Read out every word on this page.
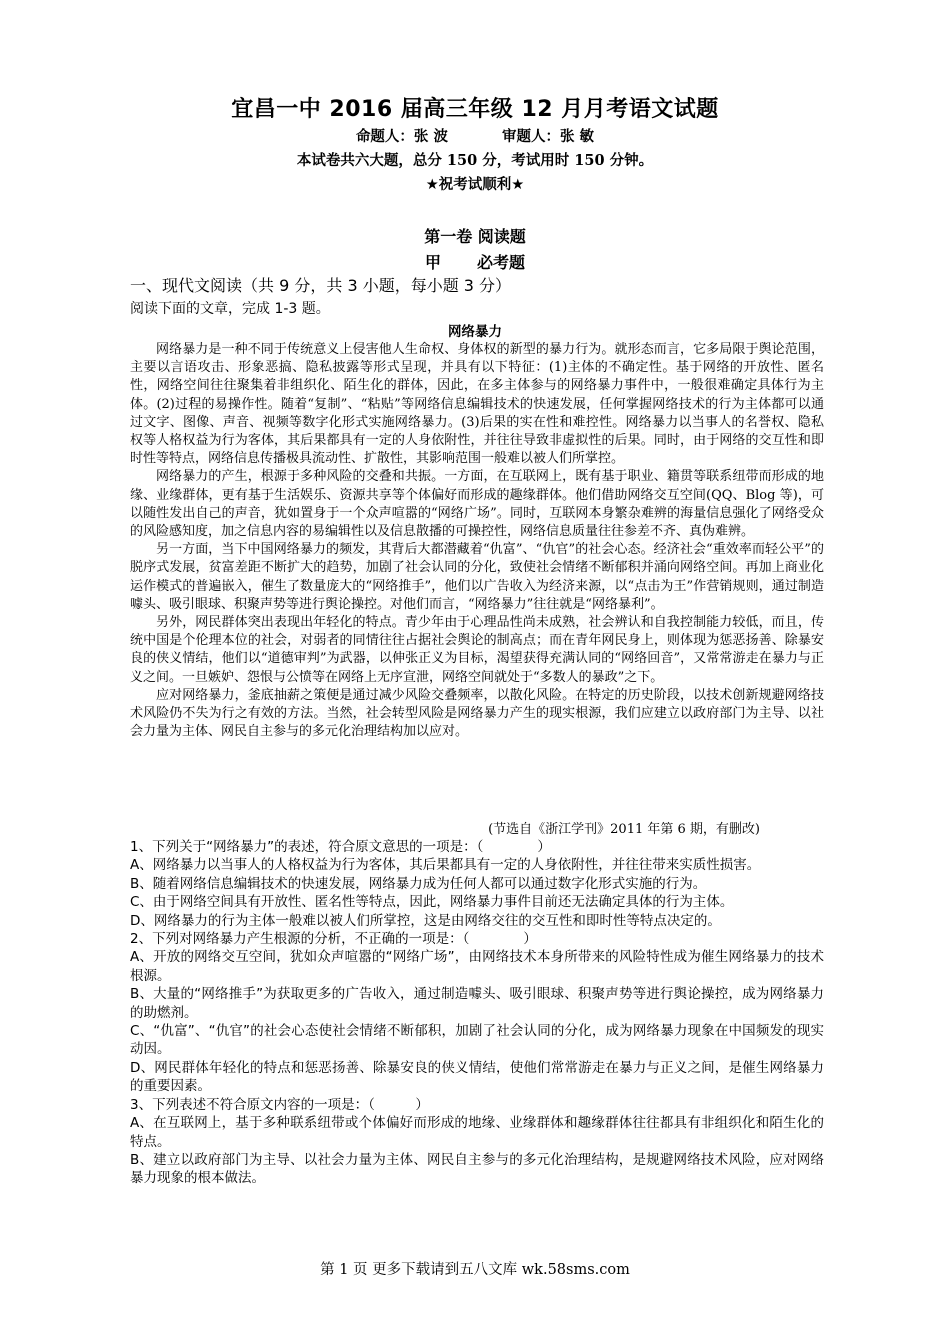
宜昌一中 2016 届高三年级 12 月月考语文试题
命题人：张 波	审题人：张 敏
本试卷共六大题，总分 150 分，考试用时 150 分钟。
★祝考试顺利★
第一卷 阅读题
甲 必考题
一、现代文阅读（共 9 分，共 3 小题，每小题 3 分）
阅读下面的文章，完成 1-3 题。
网络暴力

网络暴力是一种不同于传统意义上侵害他人生命权、身体权的新型的暴力行为。就形态而言，它多局限于舆论范围，主要以言语攻击、形象恶搞、隐私披露等形式呈现，并具有以下特征：(1)主体的不确定性。基于网络的开放性、匿名性，网络空间往往聚集着非组织化、陌生化的群体，因此，在多主体参与的网络暴力事件中，一般很难确定具体行为主体。(2)过程的易操作性。随着“复制”、“粘贴”等网络信息编辑技术的快速发展，任何掌握网络技术的行为主体都可以通过文字、图像、声音、视频等数字化形式实施网络暴力。(3)后果的实在性和难控性。网络暴力以当事人的名誉权、隐私权等人格权益为行为客体，其后果都具有一定的人身依附性，并往往导致非虚拟性的后果。同时，由于网络的交互性和即时性等特点，网络信息传播极具流动性、扩散性，其影响范围一般难以被人们所掌控。

网络暴力的产生，根源于多种风险的交叠和共振。一方面，在互联网上，既有基于职业、籍贯等联系纽带而形成的地缘、业缘群体，更有基于生活娱乐、资源共享等个体偏好而形成的趣缘群体。他们借助网络交互空间(QQ、Blog 等)，可以随性发出自己的声音，犹如置身于一个众声喧嚣的“网络广场”。同时，互联网本身繁杂难辨的海量信息强化了网络受众的风险感知度，加之信息内容的易编辑性以及信息散播的可操控性，网络信息质量往往参差不齐、真伪难辨。

另一方面，当下中国网络暴力的频发，其背后大都潜藏着“仇富”、“仇官”的社会心态。经济社会“重效率而轻公平”的脱序式发展，贫富差距不断扩大的趋势，加剧了社会认同的分化，致使社会情绪不断郁积并涌向网络空间。再加上商业化运作模式的普遍嵌入，催生了数量庞大的“网络推手”，他们以广告收入为经济来源，以“点击为王”作营销规则，通过制造噱头、吸引眼球、积聚声势等进行舆论操控。对他们而言，“网络暴力”往往就是“网络暴利”。

另外，网民群体突出表现出年轻化的特点。青少年由于心理品性尚未成熟，社会辨认和自我控制能力较低，而且，传统中国是个伦理本位的社会，对弱者的同情往往占据社会舆论的制高点；而在青年网民身上，则体现为惩恶扬善、除暴安良的侠义情结，他们以“道德审判”为武器，以伸张正义为目标，渴望获得充满认同的“网络回音”，又常常游走在暴力与正义之间。一旦嫉妒、怨恨与公愤等在网络上无序宣泄，网络空间就处于“多数人的暴政”之下。

应对网络暴力，釜底抽薪之策便是通过减少风险交叠频率，以散化风险。在特定的历史阶段，以技术创新规避网络技术风险仍不失为行之有效的方法。当然，社会转型风险是网络暴力产生的现实根源，我们应建立以政府部门为主导、以社会力量为主体、网民自主参与的多元化治理结构加以应对。

(节选自《浙江学刊》2011 年第 6 期，有删改)

1、下列关于“网络暴力”的表述，符合原文意思的一项是：（　　　　）

A、网络暴力以当事人的人格权益为行为客体，其后果都具有一定的人身依附性，并往往带来实质性损害。

B、随着网络信息编辑技术的快速发展，网络暴力成为任何人都可以通过数字化形式实施的行为。

C、由于网络空间具有开放性、匿名性等特点，因此，网络暴力事件目前还无法确定具体的行为主体。

D、网络暴力的行为主体一般难以被人们所掌控，这是由网络交往的交互性和即时性等特点决定的。

2、下列对网络暴力产生根源的分析，不正确的一项是：（　　　　）

A、开放的网络交互空间，犹如众声喧嚣的“网络广场”，由网络技术本身所带来的风险特性成为催生网络暴力的技术根源。

B、大量的“网络推手”为获取更多的广告收入，通过制造噱头、吸引眼球、积聚声势等进行舆论操控，成为网络暴力的助燃剂。

C、“仇富”、“仇官”的社会心态使社会情绪不断郁积，加剧了社会认同的分化，成为网络暴力现象在中国频发的现实动因。

D、网民群体年轻化的特点和惩恶扬善、除暴安良的侠义情结，使他们常常游走在暴力与正义之间，是催生网络暴力的重要因素。

3、下列表述不符合原文内容的一项是：（　　　）

A、在互联网上，基于多种联系纽带或个体偏好而形成的地缘、业缘群体和趣缘群体往往都具有非组织化和陌生化的特点。

B、建立以政府部门为主导、以社会力量为主体、网民自主参与的多元化治理结构，是规避网络技术风险，应对网络暴力现象的根本做法。

第 1 页 更多下载请到五八文库 wk.58sms.com
